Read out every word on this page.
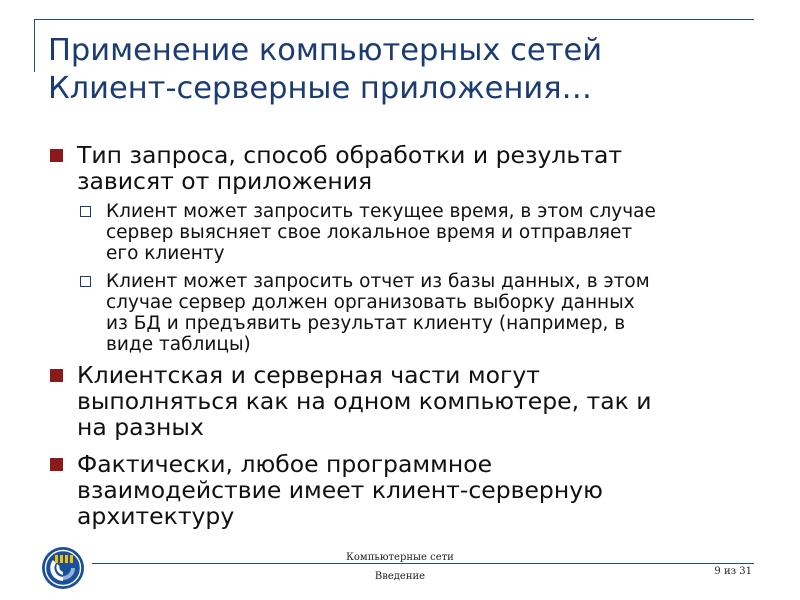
Применение компьютерных сетей
Клиент-серверные приложения…
Тип запроса, способ обработки и результат
зависят от приложения
Клиент может запросить текущее время, в этом случае
сервер выясняет свое локальное время и отправляет
его клиенту
Клиент может запросить отчет из базы данных, в этом
случае сервер должен организовать выборку данных
из БД и предъявить результат клиенту (например, в
виде таблицы)
Клиентская и серверная части могут
выполняться как на одном компьютере, так и
на разных
Фактически, любое программное
взаимодействие имеет клиент-серверную
архитектуру
Компьютерные сети
Введение	9 из 31
